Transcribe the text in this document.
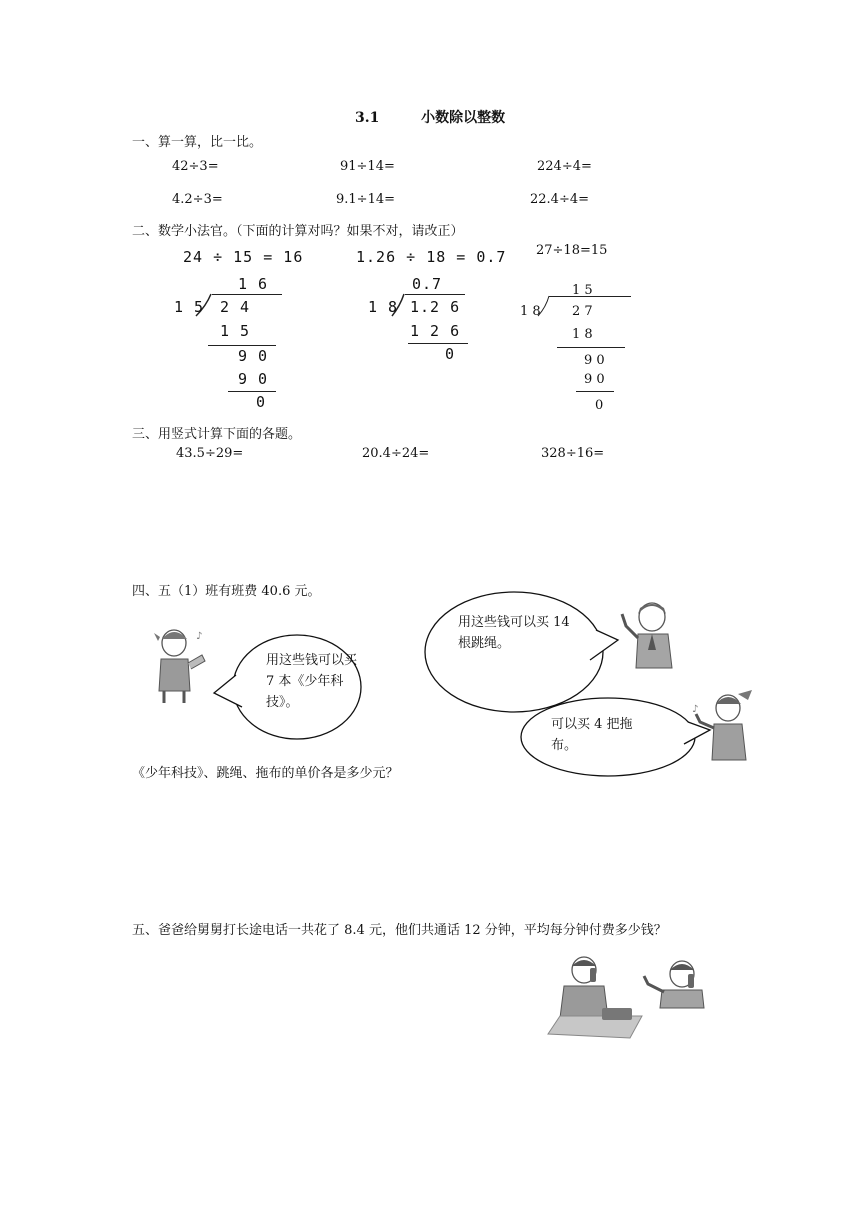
3.1	小数除以整数
一、算一算，比一比。
42÷3=	91÷14=	224÷4=
4.2÷3=	9.1÷14=	22.4÷4=
二、数学小法官。（下面的计算对吗？如果不对，请改正）
24 ÷ 15 = 16
1 6
1 5 2 4
1 5
9 0
9 0
0
1.26 ÷ 18 = 0.7
0.7
1 8 1.2 6
1 2 6
0
27÷18=15
1 5
1 8 2 7
1 8
9 0
9 0
0
三、用竖式计算下面的各题。
43.5÷29=	20.4÷24=	328÷16=
四、五（1）班有班费 40.6 元。
♪
用这些钱可以买 7 本《少年科技》。
用这些钱可以买 14 根跳绳。
可以买 4 把拖布。
♪
《少年科技》、跳绳、拖布的单价各是多少元？
五、爸爸给舅舅打长途电话一共花了 8.4 元，他们共通话 12 分钟，平均每分钟付费多少钱？
